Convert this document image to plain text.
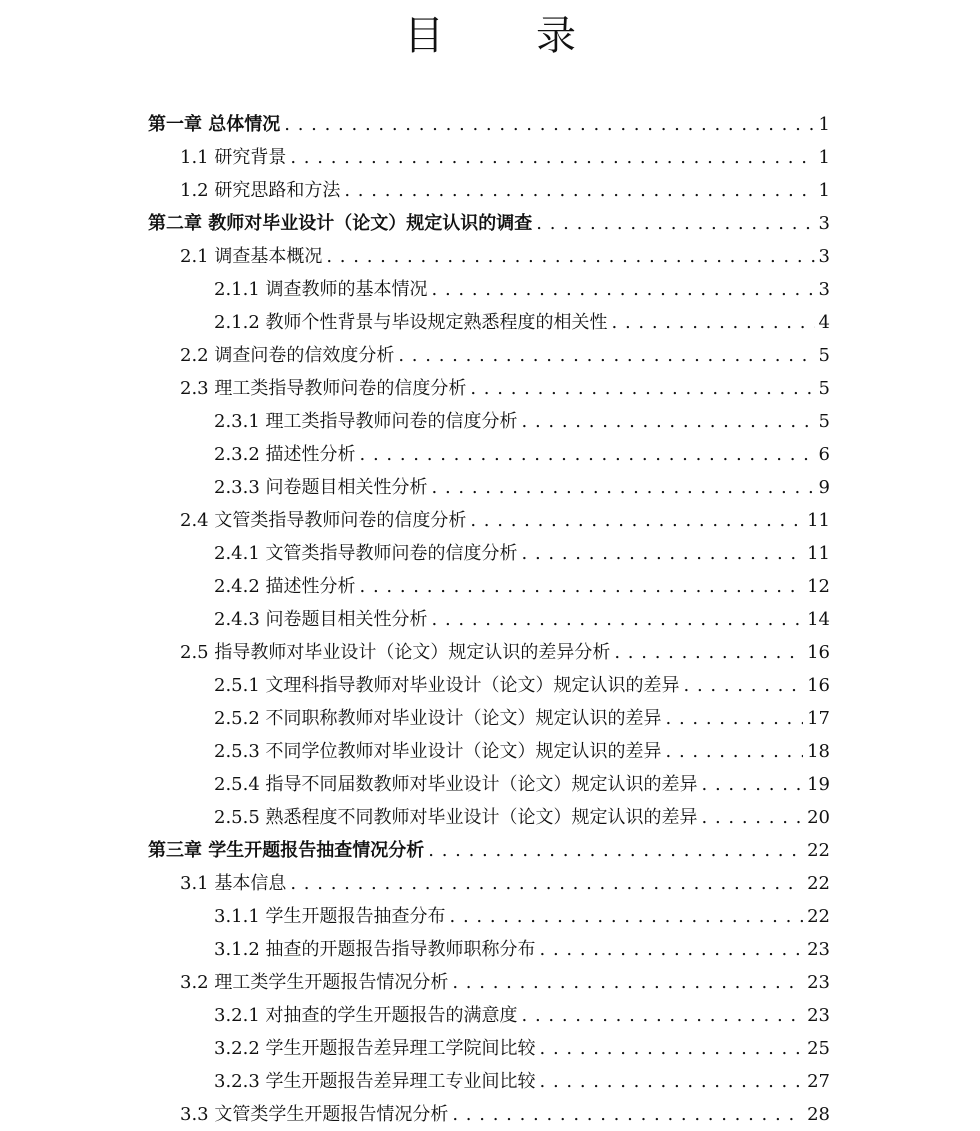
目 录
第一章 总体情况 . . .	1
1.1 研究背景 . . .	1
1.2 研究思路和方法 . . .	1
第二章 教师对毕业设计（论文）规定认识的调查 . . .	3
2.1 调查基本概况 . . .	3
2.1.1 调查教师的基本情况 . . .	3
2.1.2 教师个性背景与毕设规定熟悉程度的相关性 . . .	4
2.2 调查问卷的信效度分析 . . .	5
2.3 理工类指导教师问卷的信度分析 . . .	5
2.3.1 理工类指导教师问卷的信度分析 . . .	5
2.3.2 描述性分析 . . .	6
2.3.3 问卷题目相关性分析 . . .	9
2.4 文管类指导教师问卷的信度分析 . . .	11
2.4.1 文管类指导教师问卷的信度分析 . . .	11
2.4.2 描述性分析 . . .	12
2.4.3 问卷题目相关性分析 . . .	14
2.5 指导教师对毕业设计（论文）规定认识的差异分析 . . .	16
2.5.1 文理科指导教师对毕业设计（论文）规定认识的差异 . . .	16
2.5.2 不同职称教师对毕业设计（论文）规定认识的差异 . . .	17
2.5.3 不同学位教师对毕业设计（论文）规定认识的差异 . . .	18
2.5.4 指导不同届数教师对毕业设计（论文）规定认识的差异 . . .	19
2.5.5 熟悉程度不同教师对毕业设计（论文）规定认识的差异 . . .	20
第三章 学生开题报告抽查情况分析 . . .	22
3.1 基本信息 . . .	22
3.1.1 学生开题报告抽查分布 . . .	22
3.1.2 抽查的开题报告指导教师职称分布 . . .	23
3.2 理工类学生开题报告情况分析 . . .	23
3.2.1 对抽查的学生开题报告的满意度 . . .	23
3.2.2 学生开题报告差异理工学院间比较 . . .	25
3.2.3 学生开题报告差异理工专业间比较 . . .	27
3.3 文管类学生开题报告情况分析 . . .	28
